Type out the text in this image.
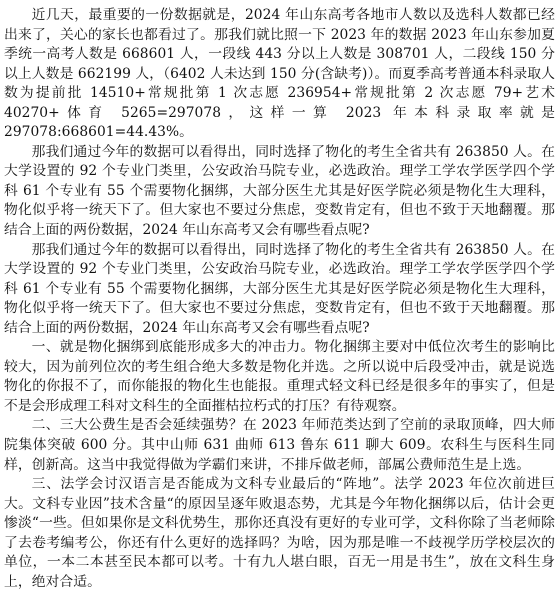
近几天，最重要的一份数据就是，2024 年山东高考各地市人数以及选科人数都已经出来了，关心的家长也都看过了。那我们就比照一下 2023 年的数据 2023 年山东参加夏季统一高考人数是 668601 人，一段线 443 分以上人数是 308701 人，二段线 150 分以上人数是 662199 人，（6402 人未达到 150 分(含缺考)）。而夏季高考普通本科录取人数为提前批 14510+常规批第 1 次志愿 236954+常规批第 2 次志愿 79+艺术 40270+体育 5265=297078，这样一算 2023 年本科录取率就是 297078:668601=44.43%。

那我们通过今年的数据可以看得出，同时选择了物化的考生全省共有 263850 人。在大学设置的 92 个专业门类里，公安政治马院专业，必选政治。理学工学农学医学四个学科 61 个专业有 55 个需要物化捆绑，大部分医生尤其是好医学院必须是物化生大理科，物化似乎将一统天下了。但大家也不要过分焦虑，变数肯定有，但也不致于天地翻覆。那结合上面的两份数据，2024 年山东高考又会有哪些看点呢?

那我们通过今年的数据可以看得出，同时选择了物化的考生全省共有 263850 人。在大学设置的 92 个专业门类里，公安政治马院专业，必选政治。理学工学农学医学四个学科 61 个专业有 55 个需要物化捆绑，大部分医生尤其是好医学院必须是物化生大理科，物化似乎将一统天下了。但大家也不要过分焦虑，变数肯定有，但也不致于天地翻覆。那结合上面的两份数据，2024 年山东高考又会有哪些看点呢?

一、就是物化捆绑到底能形成多大的冲击力。物化捆绑主要对中低位次考生的影响比较大，因为前列位次的考生组合绝大多数是物化并选。之所以说中后段受冲击，就是说选物化的你报不了，而你能报的物化生也能报。重理式轻文科已经是很多年的事实了，但是不是会形成理工科对文科生的全面摧枯拉朽式的打压？有待观察。

二、三大公费生是否会延续强势？在 2023 年师范类达到了空前的录取顶峰，四大师院集体突破 600 分。其中山师 631 曲师 613 鲁东 611 聊大 609。农科生与医科生同样，创新高。这当中我觉得做为学霸们来讲，不排斥做老师，部属公费师范生是上选。

三、法学会讨汉语言是否能成为文科专业最后的“阵地”。法学 2023 年位次前进巨大。文科专业因”技术含量“的原因呈逐年败退态势，尤其是今年物化捆绑以后，估计会更惨淡“一些。但如果你是文科优势生，那你还真没有更好的专业可学，文科你除了当老师除了去卷考编考公，你还有什么更好的选择吗？为啥，因为那是唯一不歧视学历学校层次的单位，一本二本甚至民本都可以考。十有九人堪白眼，百无一用是书生”，放在文科生身上，绝对合适。
